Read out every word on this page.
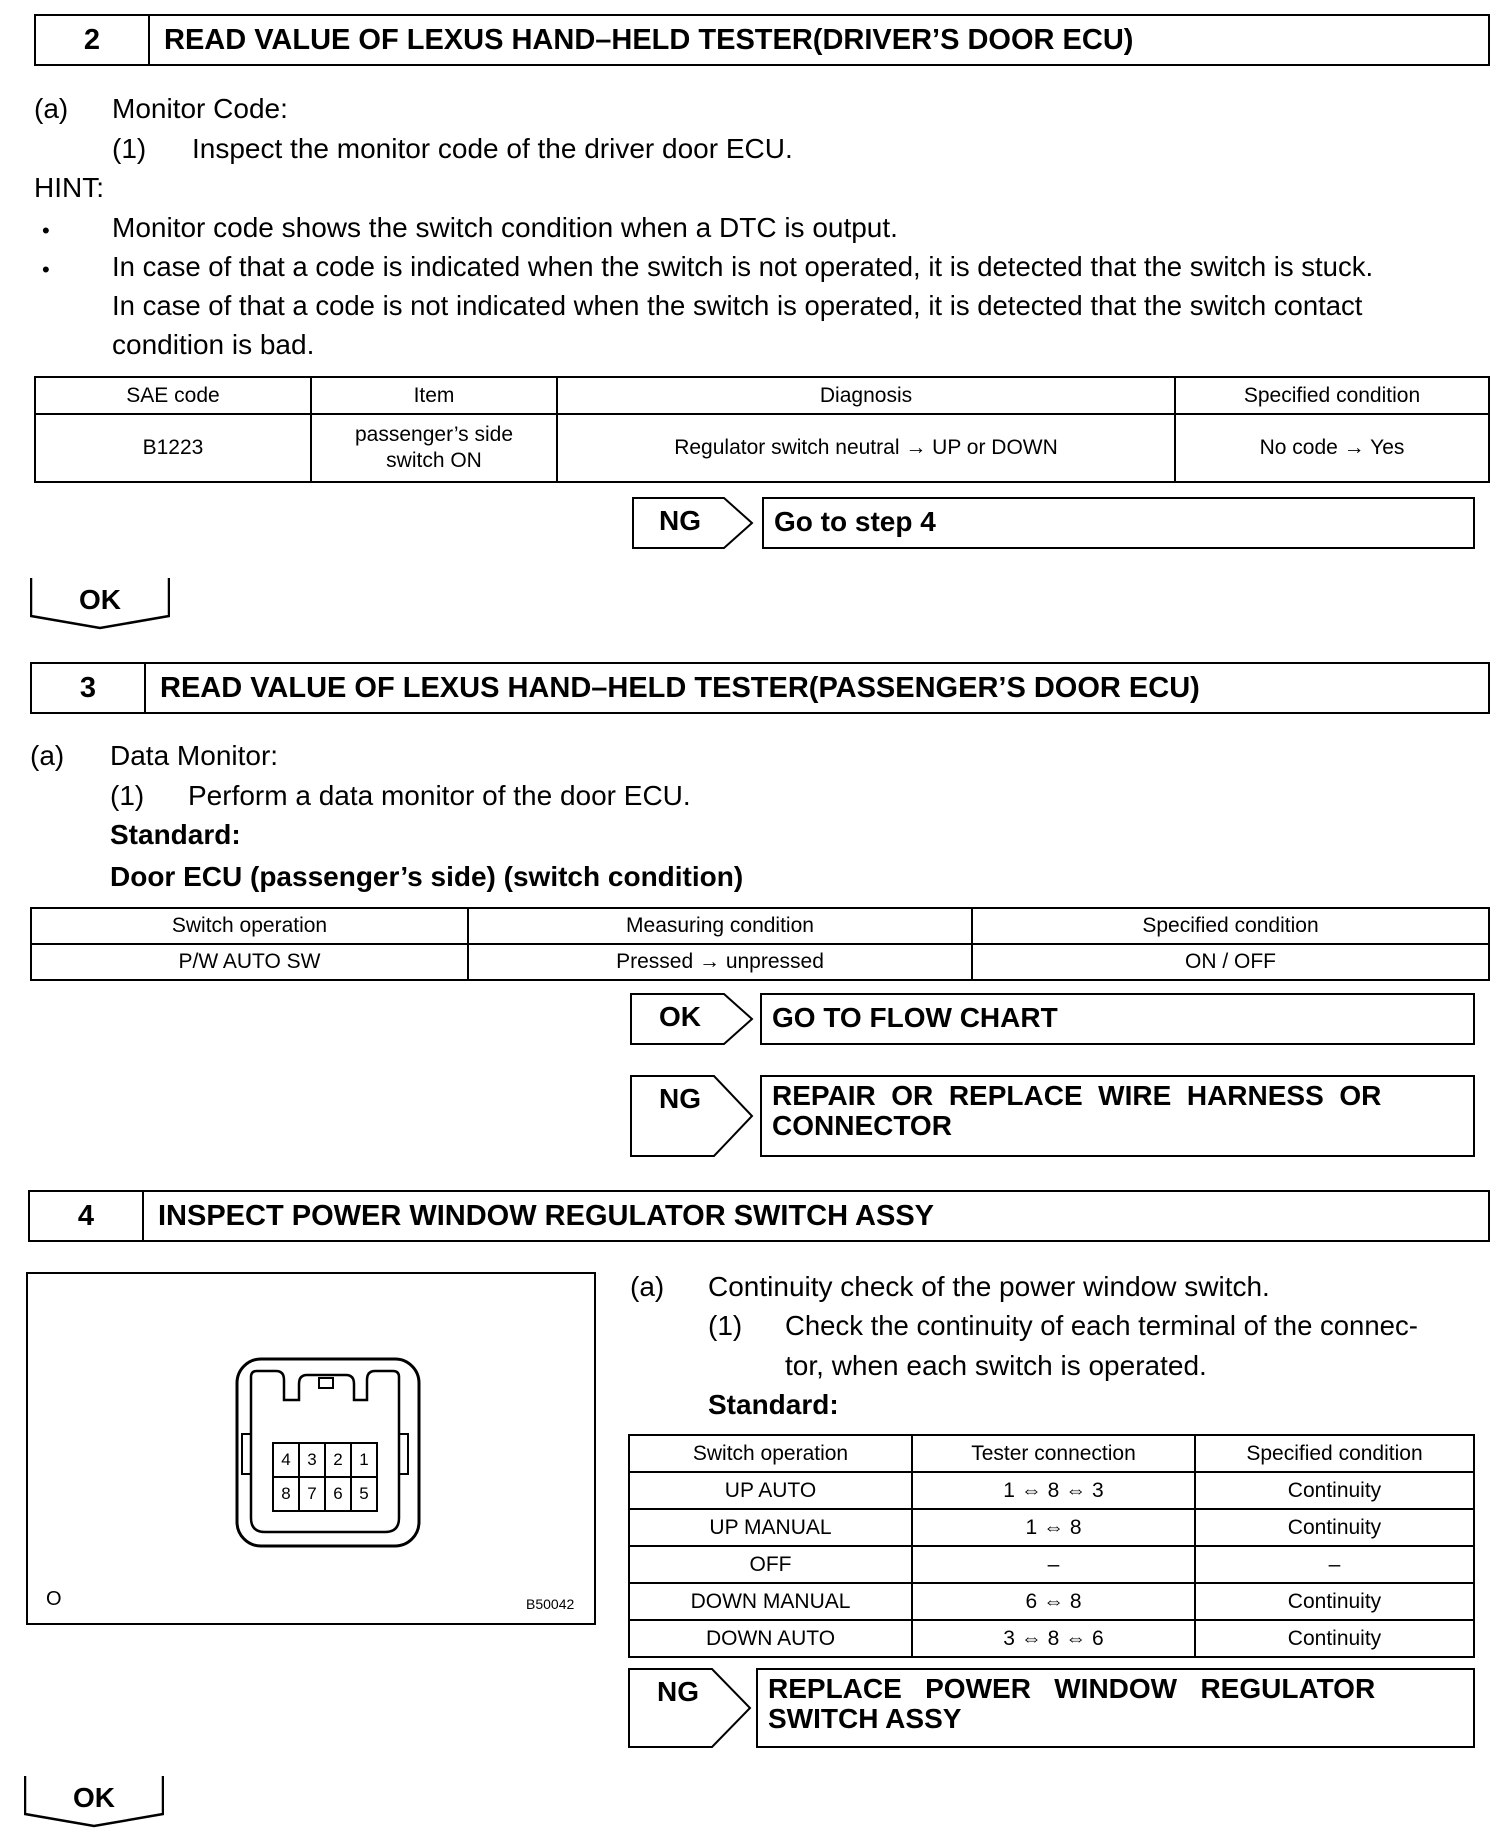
2	READ VALUE OF LEXUS HAND–HELD TESTER(DRIVER’S DOOR ECU)
(a) Monitor Code:
(1) Inspect the monitor code of the driver door ECU.
HINT:
• Monitor code shows the switch condition when a DTC is output.
• In case of that a code is indicated when the switch is not operated, it is detected that the switch is stuck.
In case of that a code is not indicated when the switch is operated, it is detected that the switch contact
condition is bad.
SAE code	Item	Diagnosis	Specified condition
B1223	passenger’s side
switch ON	Regulator switch neutral → UP or DOWN	No code → Yes
NG	Go to step 4
OK
3	READ VALUE OF LEXUS HAND–HELD TESTER(PASSENGER’S DOOR ECU)
(a) Data Monitor:
(1) Perform a data monitor of the door ECU.
Standard:
Door ECU (passenger’s side) (switch condition)
Switch operation	Measuring condition	Specified condition
P/W AUTO SW	Pressed → unpressed	ON / OFF
OK	GO TO FLOW CHART
NG	REPAIR  OR  REPLACE  WIRE  HARNESS  OR
CONNECTOR
4	INSPECT POWER WINDOW REGULATOR SWITCH ASSY
4 3 2 1
8 7 6 5
O	B50042
(a) Continuity check of the power window switch.
(1) Check the continuity of each terminal of the connec-
tor, when each switch is operated.
Standard:
Switch operation	Tester connection	Specified condition
UP AUTO	1 ⇔ 8 ⇔ 3	Continuity
UP MANUAL	1 ⇔ 8	Continuity
OFF	–	–
DOWN MANUAL	6 ⇔ 8	Continuity
DOWN AUTO	3 ⇔ 8 ⇔ 6	Continuity
NG	REPLACE   POWER   WINDOW   REGULATOR
SWITCH ASSY
OK
